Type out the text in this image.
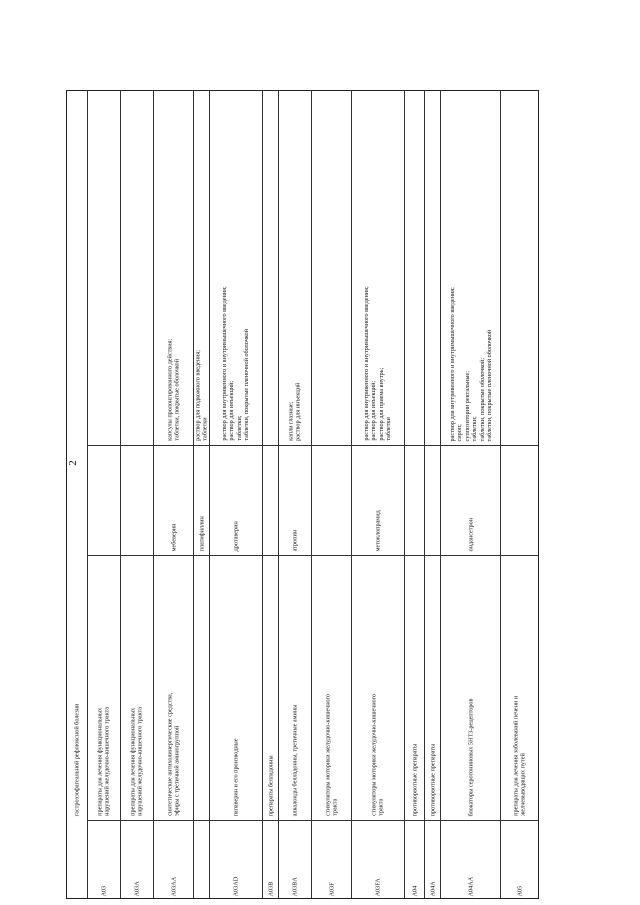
2
гастроэзофагеальной рефлюксной болезни
A03
препараты для лечения функциональных
нарушений желудочно-кишечного тракта
A03A
препараты для лечения функциональных
нарушений желудочно-кишечного тракта
A03AA
синтетические антихолинергические средства,
эфиры с третичной аминогруппой
мебеверин
капсулы пролонгированного действия;
таблетки, покрытые оболочкой
платифиллин
раствор для подкожного введения;
таблетки
A03AD
папаверин и его производные
дротаверин
раствор для внутривенного и внутримышечного введения;
раствор для инъекций;
таблетки;
таблетки, покрытые пленочной оболочкой
A03B
препараты белладонны
A03BA
алкалоиды белладонны, третичные амины
атропин
капли глазные;
раствор для инъекций
A03F
стимуляторы моторики желудочно-кишечного
тракта
A03FA
стимуляторы моторики желудочно-кишечного
тракта
метоклопрамид
раствор для внутривенного и внутримышечного введения;
раствор для инъекций;
раствор для приема внутрь;
таблетки
A04
противорвотные препараты
A04A
противорвотные препараты
A04AA
блокаторы серотониновых 5HT3-рецепторов
ондансетрон
раствор для внутривенного и внутримышечного введения;
сироп;
суппозитории ректальные;
таблетки;
таблетки, покрытые оболочкой;
таблетки, покрытые пленочной оболочкой
A05
препараты для лечения заболеваний печени и
желчевыводящих путей
